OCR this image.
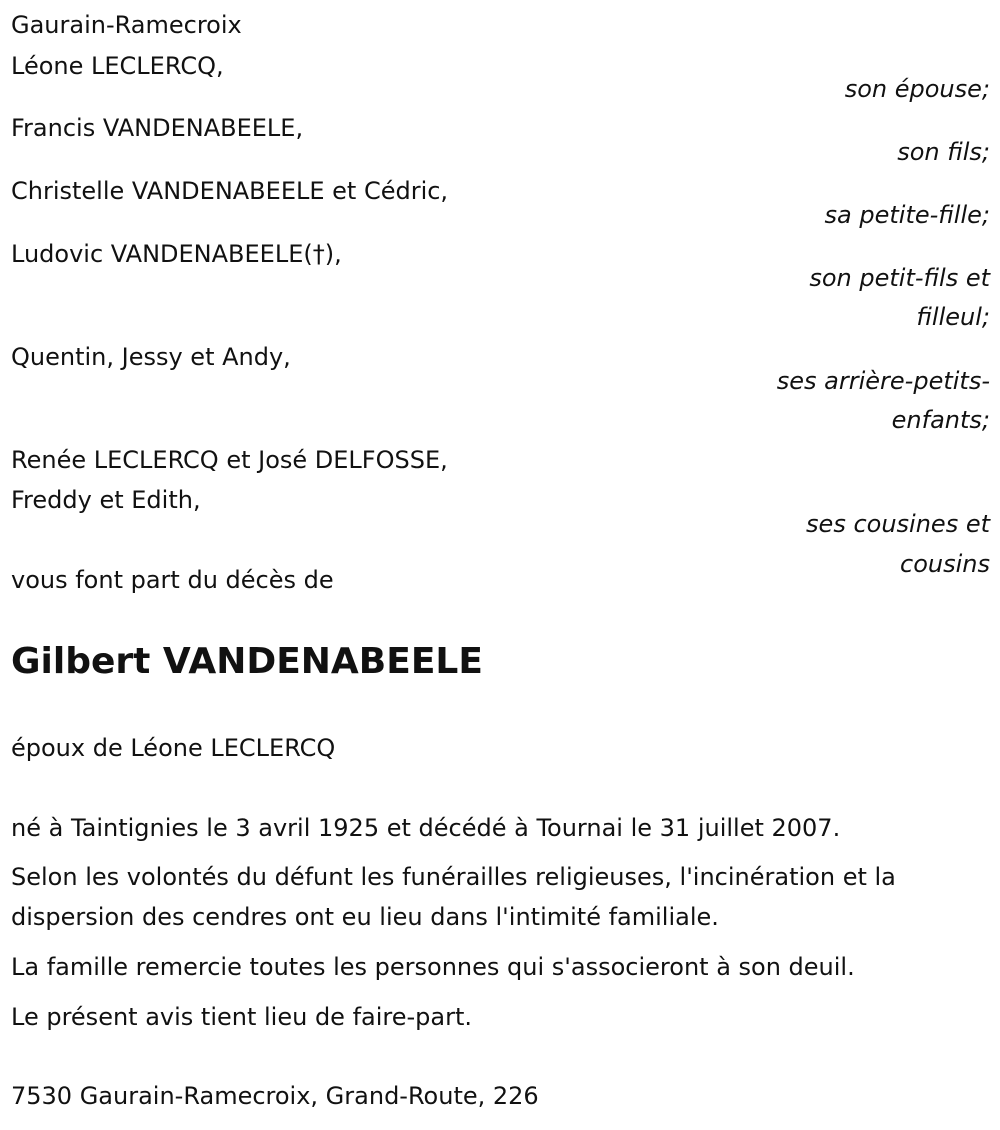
Gaurain-Ramecroix

Léone LECLERCQ,

son épouse;

Francis VANDENABEELE,

son fils;

Christelle VANDENABEELE et Cédric,

sa petite-fille;

Ludovic VANDENABEELE(†),

son petit-fils et

filleul;

Quentin, Jessy et Andy,

ses arrière-petits-

enfants;

Renée LECLERCQ et José DELFOSSE,

Freddy et Edith,

ses cousines et

cousins

vous font part du décès de

Gilbert VANDENABEELE

époux de Léone LECLERCQ

né à Taintignies le 3 avril 1925 et décédé à Tournai le 31 juillet 2007.

Selon les volontés du défunt les funérailles religieuses, l'incinération et la dispersion des cendres ont eu lieu dans l'intimité familiale.

La famille remercie toutes les personnes qui s'associeront à son deuil.

Le présent avis tient lieu de faire-part.

7530 Gaurain-Ramecroix, Grand-Route, 226
